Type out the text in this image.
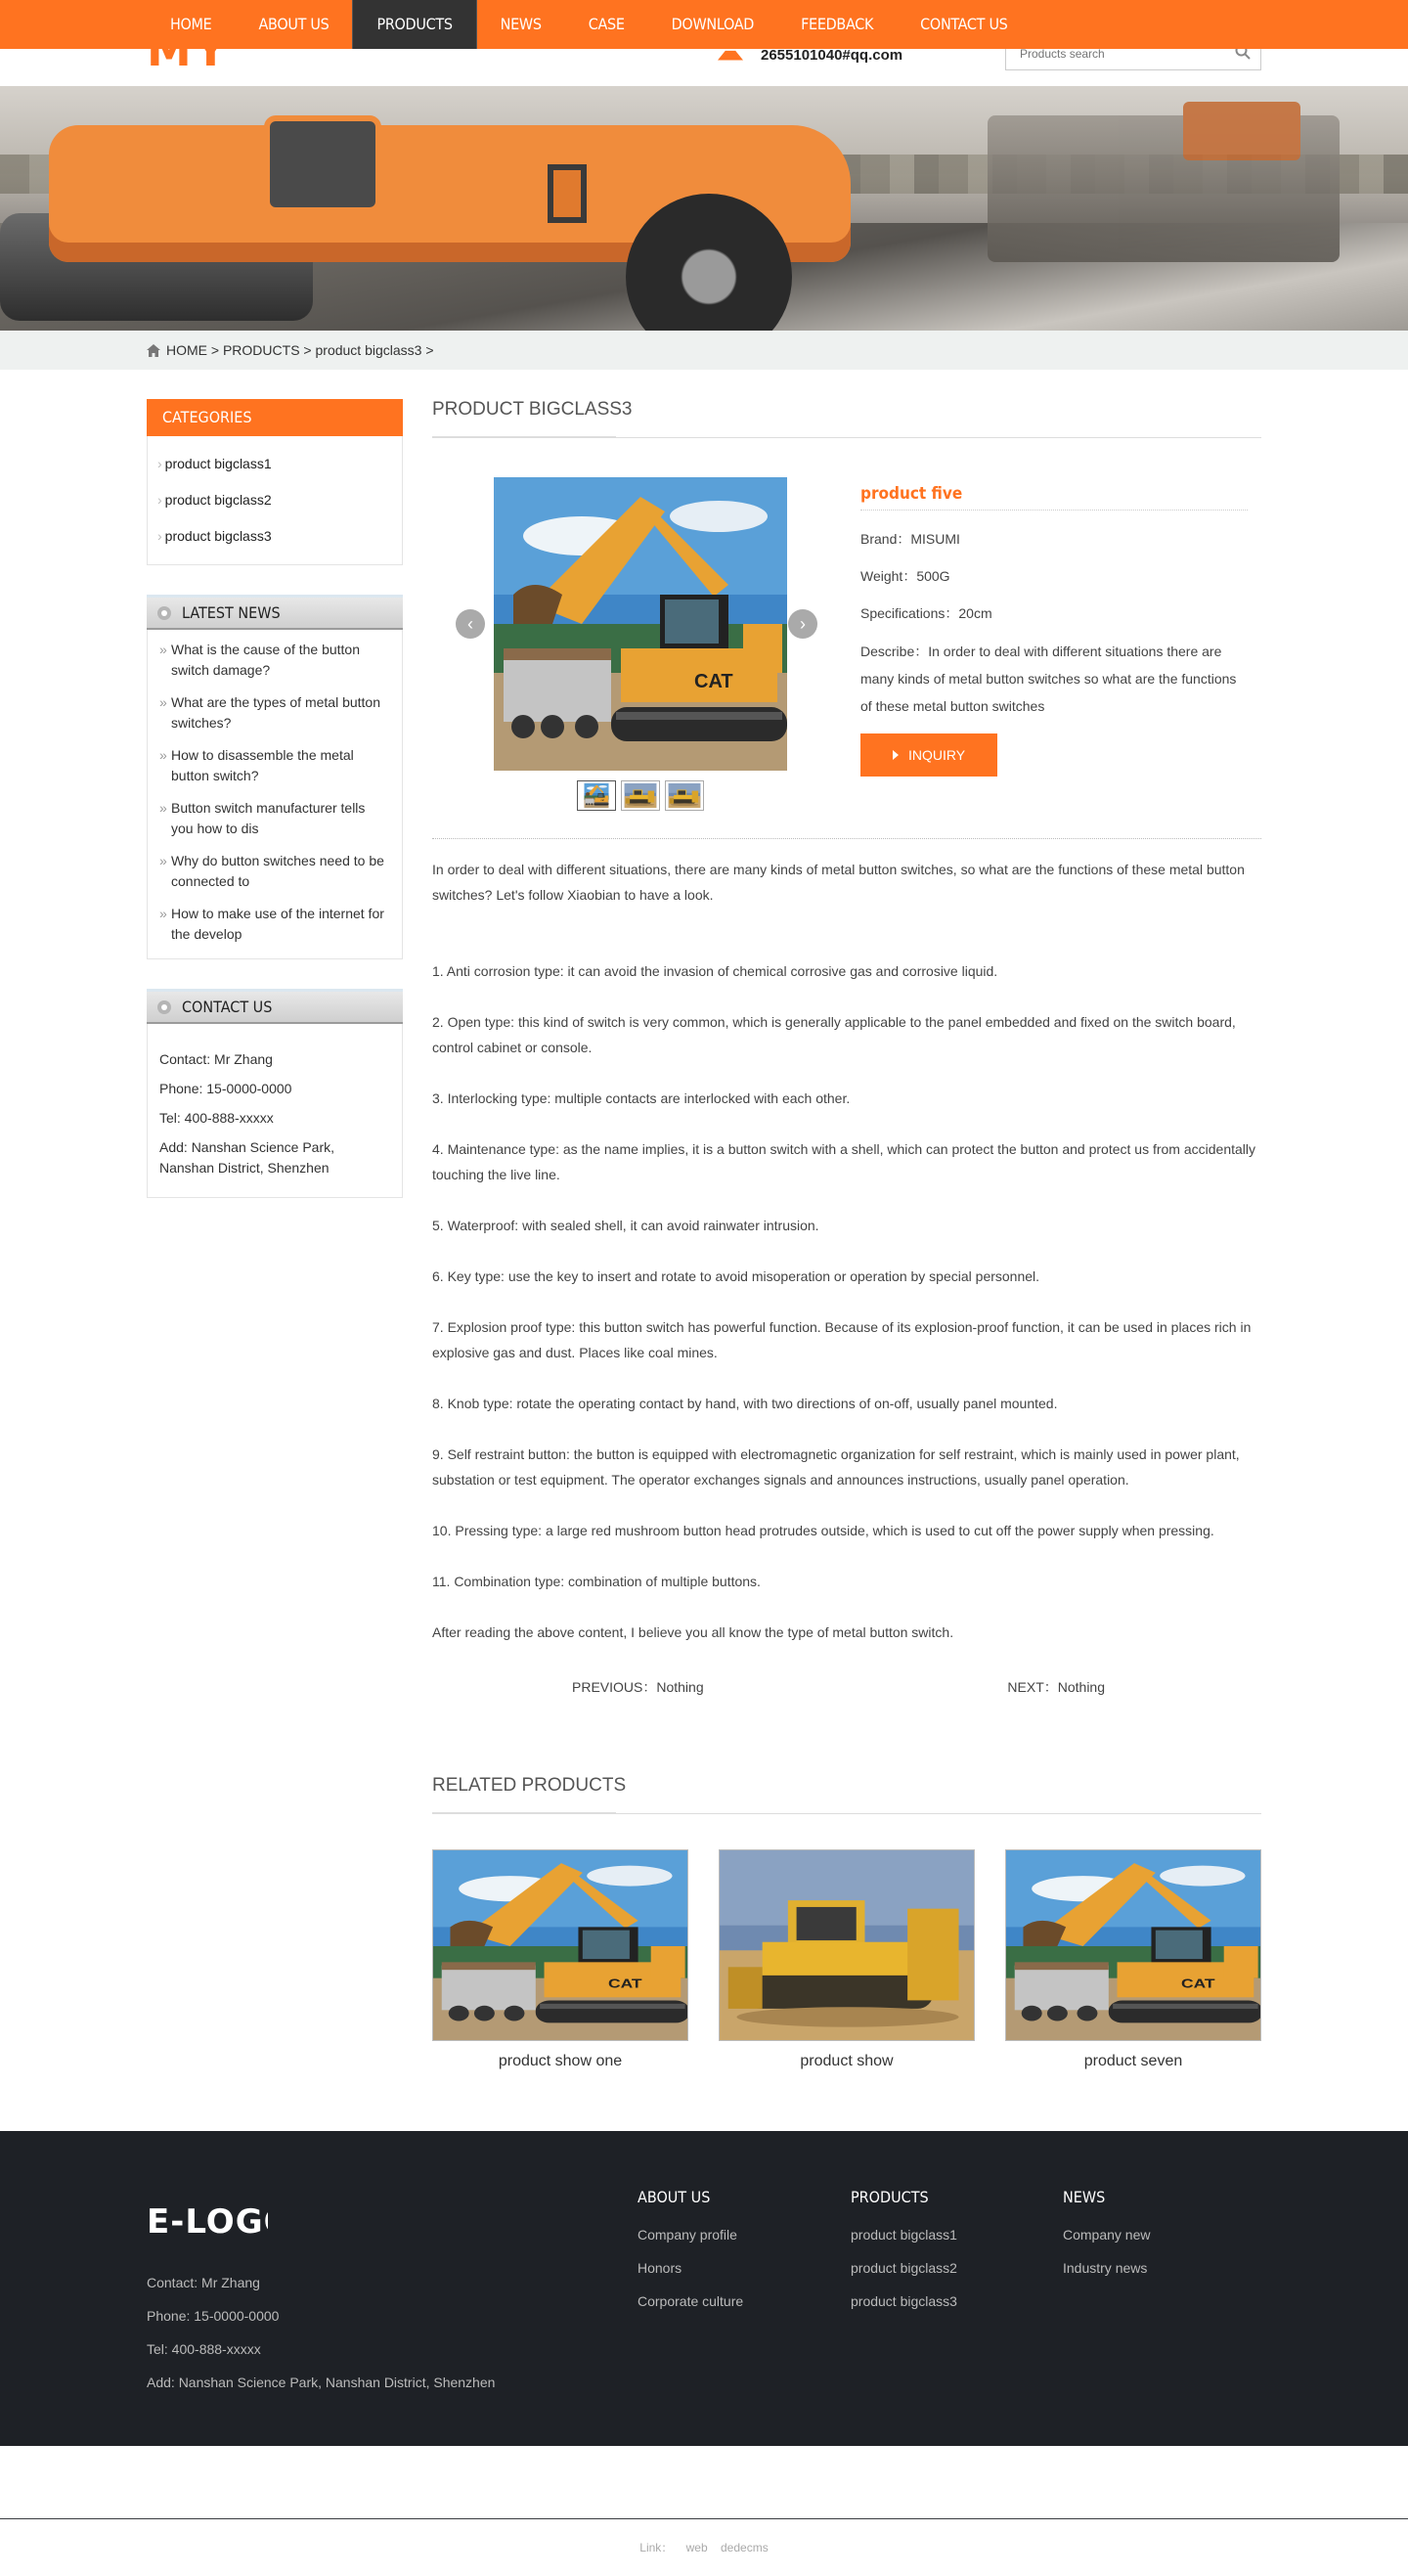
HOME	ABOUT US	PRODUCTS	NEWS	CASE	DOWNLOAD	FEEDBACK	CONTACT US
2655101040#qq.com
Products search
HOME
>
PRODUCTS
>
product bigclass3
>
CATEGORIES
› product bigclass1
› product bigclass2
› product bigclass3
LATEST NEWS
» What is the cause of the button switch damage?
» What are the types of metal button switches?
» How to disassemble the metal button switch?
» Button switch manufacturer tells you how to dis
» Why do button switches need to be connected to
» How to make use of the internet for the develop
CONTACT US

Contact: Mr Zhang

Phone: 15-0000-0000

Tel: 400-888-xxxxx

Add: Nanshan Science Park, Nanshan District, Shenzhen

PRODUCT BIGCLASS3
‹	›
product five
Brand：MISUMI
Weight：500G
Specifications：20cm
Describe：In order to deal with different situations there are many kinds of metal button switches so what are the functions of these metal button switches
INQUIRY

In order to deal with different situations, there are many kinds of metal button switches, so what are the functions of these metal button switches? Let's follow Xiaobian to have a look.

1. Anti corrosion type: it can avoid the invasion of chemical corrosive gas and corrosive liquid.

2. Open type: this kind of switch is very common, which is generally applicable to the panel embedded and fixed on the switch board, control cabinet or console.

3. Interlocking type: multiple contacts are interlocked with each other.

4. Maintenance type: as the name implies, it is a button switch with a shell, which can protect the button and protect us from accidentally touching the live line.

5. Waterproof: with sealed shell, it can avoid rainwater intrusion.

6. Key type: use the key to insert and rotate to avoid misoperation or operation by special personnel.

7. Explosion proof type: this button switch has powerful function. Because of its explosion-proof function, it can be used in places rich in explosive gas and dust. Places like coal mines.

8. Knob type: rotate the operating contact by hand, with two directions of on-off, usually panel mounted.

9. Self restraint button: the button is equipped with electromagnetic organization for self restraint, which is mainly used in power plant, substation or test equipment. The operator exchanges signals and announces instructions, usually panel operation.

10. Pressing type: a large red mushroom button head protrudes outside, which is used to cut off the power supply when pressing.

11. Combination type: combination of multiple buttons.

After reading the above content, I believe you all know the type of metal button switch.

PREVIOUS：Nothing	NEXT：Nothing
RELATED PRODUCTS
product show one	product show	product seven
E-LOG

Contact: Mr Zhang

Phone: 15-0000-0000

Tel: 400-888-xxxxx

Add: Nanshan Science Park, Nanshan District, Shenzhen

ABOUT US
Company profile
Honors
Corporate culture
PRODUCTS
product bigclass1
product bigclass2
product bigclass3
NEWS
Company new
Industry news
Link： web dedecms
